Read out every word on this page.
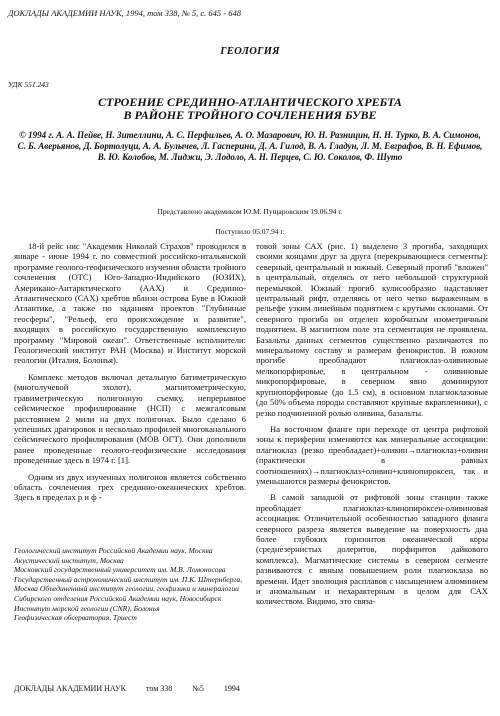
ДОКЛАДЫ АКАДЕМИИ НАУК, 1994, том 338, № 5, с. 645 - 648
ГЕОЛОГИЯ
УДК 551.243
СТРОЕНИЕ СРЕДИННО-АТЛАНТИЧЕСКОГО ХРЕБТА
В РАЙОНЕ ТРОЙНОГО СОЧЛЕНЕНИЯ БУВЕ
© 1994 г. А. А. Пейве, Н. Зителлини, А. С. Перфильев, А. О. Мазарович, Ю. Н. Разницин, Н. Н. Турко, В. А. Симонов, С. Б. Аверьянов, Д. Бортолуци, А. А. Булычев, Л. Гасперини, Д. А. Гилод, В. А. Гладун, Л. М. Евграфов, В. Н. Ефимов, В. Ю. Колобов, М. Лиджи, Э. Лодоло, А. Н. Перцев, С. Ю. Соколов, Ф. Шуто
Представлено академиком Ю.М. Пущаровским 19.06.94 г.
Поступило 05.07.94 г.

18-й рейс нис "Академик Николай Страхов" проводился в январе - июне 1994 г. по совместной российско-итальянской программе геолого-геофизического изучения области тройного сочленения (ОТС) Юго-Западно-Индийского (ЮЗИХ), Американо-Антарктического (ААХ) и Срединно-Атлантического (САХ) хребтов вблизи острова Буве в Южной Атлантике, а также по заданиям проектов "Глубинные геосферы", "Рельеф, его происхождение и развитие", входящих в российскую государственную комплексную программу "Мировой океан". Ответственные исполнители: Геологический институт РАН (Москва) и Институт морской геологии (Италия, Болонья).

Комплекс методов включал детальную батиметрическую (многолучевой эхолот), магнитометрическую, гравиметрическую полигонную съемку, непрерывное сейсмическое профилирование (НСП) с межгалсовым расстоянием 2 мили на двух полигонах. Было сделано 6 успешных драгировок и несколько профилей многоканального сейсмического профилирования (МОВ ОГТ). Они дополнили ранее проведенные геолого-геофизические исследования проведенные здесь в 1974 г. [1].

Одним из двух изученных полигонов является собственно область сочленения трех срединно-океанических хребтов. Здесь в пределах р и ф -

товой зоны САХ (рис. 1) выделено 3 прогиба, заходящих своими концами друг за друга (перекрывающиеся сегменты): северный, центральный и южный. Северный прогиб "вложен" в центральный, отделясь от него небольшой структурной перемычкой. Южный прогиб кулисообразно надставляет центральный рифт, отделяясь от него четко выраженным в рельефе узким линейным поднятием с крутыми склонами. От северного прогиба он отделен коробчатым изометричным поднятием. В магнитном поле эта сегментация не проявлена. Базальты данных сегментов существенно различаются по минеральному составу и размерам фенокристов. В южном прогибе преобладают плагиоклаз-оливиновые мелкопорфировые, в центральном - оливиновые микропорфировые, в северном явно доминируют крупнопорфировые (до 1.5 см), в основном плагиоклазовые (до 50% объема породы составляют крупные вкрапленники), с резко подчиненной ролью оливина, базальты.

На восточном фланге при переходе от центра рифтовой зоны к периферии изменяются как минеральные ассоциации: плагиоклаз (резко преобладает)+оливин→плагиоклаз+оливин (практически в равных соотношениях)→плагиоклаз+оливин+клинопироксен, так и уменьшаются размеры фенокристов.

В самой западной от рифтовой зоны станции также преобладает плагиоклаз-клинопироксен-оливиновая ассоциация. Отличительной особенностью западного фланга северного разреза является выведение на поверхность дна более глубоких горизонтов океанической коры (среднезернистых долеритов, порфиритов дайкового комплекса). Магматические системы в северном сегменте развиваются с явным повышением роли плагиоклаза во времени. Идет эволюция расплавов с насыщением алюминием и аномальным и нехарактерным в целом для САХ количеством. Видимо, это связа-

Геологический институт Российской Академии наук, Москва
Акустический институт, Москва
Московский государственный университет им. М.В. Ломоносова
Государственный астрономический институт им. П.К. Штернберга, Москва Объединенный институт геологии, геофизики и минералогии Сибирского отделения Российской Академии наук, Новосибирск
Институт морской геологии (CNR), Болонья
Геофизическая обсерватория, Триест
ДОКЛАДЫ АКАДЕМИИ НАУК	том 338	№5	1994
